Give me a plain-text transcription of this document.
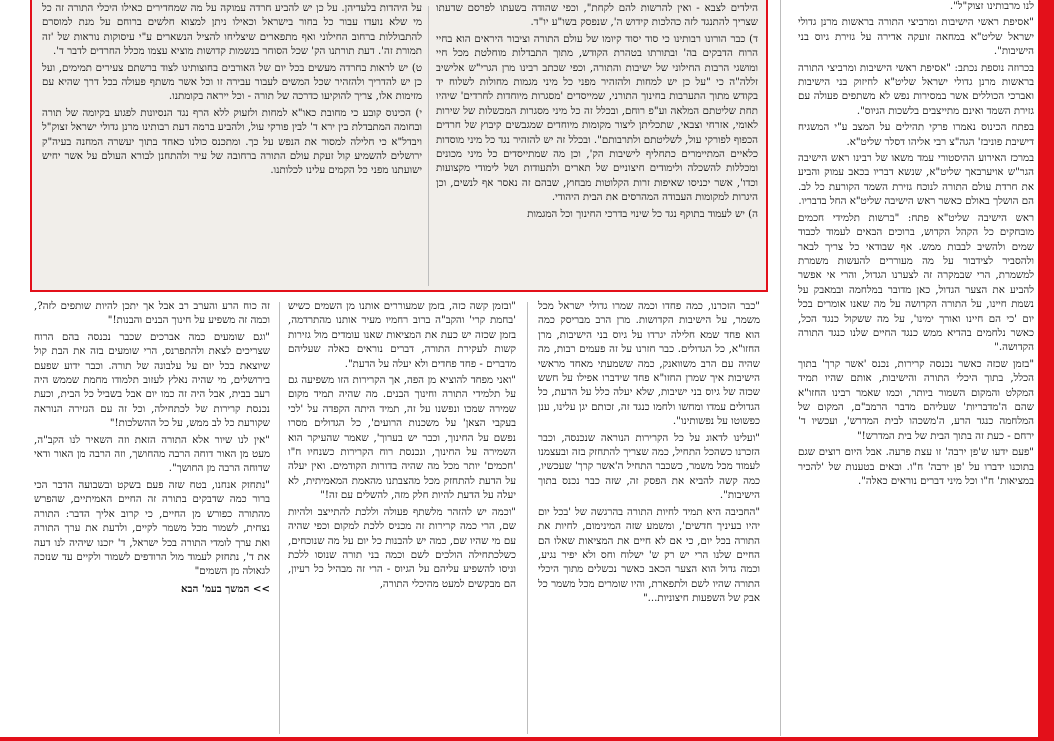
לנו מרבותינו זצוק"ל".

"אסיפת ראשי הישיבות ומרביצי התורה בראשות מרנן גדולי ישראל שליט"א במחאה זועקה אדירה על גזירת גיוס בני הישיבות".

בכרוזה נוספת נכתב: "אסיפת ראשי הישיבות ומרביצי התורה בראשות מרנן גדולי ישראל שליט"א לחיזוק בני הישיבות ואברכי הכוללים אשר במסירות נפש לא משתפים פעולה עם גזירת השמד ואינם מתייצבים בלשכות הגיוס".

בפתח הכינוס נאמרו פרקי תהילים על המצב ע"י המשגיח דישיבת פוניבז' הגה"צ רבי אליהו דסלר שליט"א.

במרכז האירוע ההיסטורי עמד משאו של רבינו ראש הישיבה הגר"ש אויערבאך שליט"א, שנשא דבריו בכאב עמוק והביע את חרדת עולם התורה לנוכח גזירת השמד הקורעת כל לב. הם הושלך באולם כאשר ראש הישיבה שליט"א החל בדבריו.

ראש הישיבה שליט"א פתח: "ברשות תלמידי חכמים מובחקים כל הקהל הקדוש, ברוכים הבאים לעמוד לכבוד שמים ולהשיב לבבות ממש. אף שבודאי כל צריך לבאר ולהסביר לצידבור על מה מעוררים להעשות משמרת למשמרת, הרי שבמקרה זה לצערנו הגדול, והרי אי אפשר להביע את הצער הגדול, כאן מדובר במלחמה ובמאבק על נשמת חיינו, על התורה הקדושה על מה שאנו אומרים בכל יום 'כי הם חיינו ואורך ימינו', על מה ששקול כנגד הכל, כאשר נלחמים בהדיא ממש כנגד החיים שלנו כנגד התורה הקדושה."

"בזמן שכזה כאשר נכנסה קרירות, נכנס 'אשר קרך' בתוך הכלל, בתוך היכלי התורה והישיבות, אותם שהיו תמיד המקלט והמקום השמור ביותר, וכמו שאמר רבינו החזו"א שהם ה'מדבריות' שעליהם מדבר הרמב"ם, המקום של המלחמה כנגד הרע, ה'משכהו לבית המדרש', ועכשיו ד' ירחם - כעת זה בתוך הבית של בית המדרש!"

"פעם ידעו ש'פן ירבה' זו עצת פרעה. אבל היום רוצים שגם בתוכנו ידברו על 'פן ירבה' ח"ו. ובאים בטענות של 'להכיר במציאות' ח"ו וכל מיני דברים נוראים כאלה".

הילדים לצבא - ואין להרשות להם לקחת", וכפי שהודה בשעתו לפרסם שדעתו שצריך להתנגד לזה כהלכות קידוש ה', שנפסק בשו"ע יו"ד.

ד) כבר הורונו רבותינו כי סוד יסוד קיומו של עולם התורה וציבור היראים הוא בחיי הרוח הדבקים בה' ובתורתו בטהרת הקודש, מתוך התבדלות מוחלטת מכל חיי ומושגי הרבות החילוני של ישיבות והתורה, וכפי שכתב רבינו מרן הגרי"ש אלישיב זללה"ה כי "על כן יש למחות ולהזהיר מפני כל מיני מגמות מחולות לשלוח יד בקודש מתוך התערבות בחינוך התורני, שמייסדים 'מסגרות מיוחדות לחרדים' שיהיו תחת שליטתם המלאה וע"פ רוחם, ובכלל זה כל מיני מסגרות המכשלות של שירות לאומי, אזרחי וצבאי, שתכליתן ליצור מקומות מיוחדים שמגבשים קיבוץ של חרדים הכפוף לפורקי עול, לשליטתם ולתרבותם". ובכלל זה יש להזהיר נגד כל מיני מוסדות כלאיים המתיימרים כתחליף לישיבות הק', וכן מה שמתייסדים כל מיני מכונים ומכללות להשכלה ולימודים חיצוניים של תארים ולתעודות ושל לימודי מקצועות וכדו', אשר יכניסו שאיפות זרות הקלוטות מבחוץ, שבהם זה נאסר אף לנשים, וכן היגרות למקומות העבודה המהרסים את הבית היהודי.

ה) יש לעמוד בתוקף נגד כל שינוי בדרכי החינוך וכל המגמות

על היהדות בלעדיהן. על כן יש להביע חרדה עמוקה על מה שמחדירים כאילו היכלי התורה זה כל מי שלא נועדו עבור כל בחור בישראל וכאילו ניתן למצוא חלשים ברוחם על מנת למוסרם להתבוללות ברחוב החילוני ואף מתפארים שיצליחו להציל הנשארים ע"י עיסוקות נוראות של 'זה תמורת זה'. דעת תורתנו הק' שכל הסוחר בנשמות קדושות מוציא עצמו מכלל החרדים לדבר ד'.

ט) יש לראות בחרדה מעשים בכל יום של האורבים בחוצותינו לצוד ברשתם צעירים תמימים, ועל כן יש להדריך ולהזהיר שכל המשים לעבור עבירה זו וכל אשר משתף פעולה בכל דרך שהיא עם מזימות אלו, צריך להוקיעו כדרכה של תורה - וכל ייראה בקומתנו.

י) הכינוס קובע כי מחובת כאו"א למחות ולזעוק ללא הרף נגד הנסיונות לפגוע בקיומה של תורה ובחומה המתבדלת בין ירא ד' לבין פורקי עול, ולהביע ברמה דעת רבותינו מרנן גדולי ישראל זצוק"ל ויבדל"א כי חלילה למסור את הנפש על כך. ומתכנס כולנו כאחד בתוך יעשרה המחנה בעיה"ק ירושלים להשמיע קול זעקת עולם התורה ברחובה של עיר ולהתחנן לבורא העולם על אשר יחיש ישועתנו מפני כל הקמים עלינו לכלותנו.

"כבר הזכרנו, כמה פחדו וכמה שמרו גדולי ישראל מכל משמר, על הישיבות הקדושות. מרן הרב מבריסק כמה הוא פחד שמא חלילה יגרדו על גיוס בני הישיבות, מרן החזו"א, כל הגדולים. כבר חזרנו על זה פעמים רבות, מה שהיה עם הרב משוואנק, כמה ששמעתי מאחד מראשי הישיבות איך שמרן החזו"א פחד שידברו אפילו על חשש שכזה של גיוס בני ישיבות, שלא יעלה כלל על הדעת, כל הגדולים עמדו ומחשו ולחמו כנגד זה, זכותם יגן עלינו, ענן כפשוטו על נפשותינו".

"ועלינו לדאוג על כל הקרירות הנוראה שנכנסה, וכבר הזכרנו כשהכל התחיל, כמה שצריך להתחזק בזה ובעצמנו לעמוד מכל משמר, כשכבר התחיל ה'אשר קרך' שעכשיו, כמה קשה להביא את הפסק זה, שזה כבר נכנס בתוך הישיבות".

"החביבה היא תמיד לחיות התורה בהרגשה של 'בכל יום יהיו בעיניך חדשים', ומשמע שזה המינימום, לחיות את התורה בכל יום, כי אם לא חיים את המציאות שאלו הם החיים שלנו הרי יש רק ש' ישלוח וחס ולא יפיר נגיע, וכמה גדול הוא הצער הכאב כאשר נכשלים מתוך היכלי התורה שהיו לשם ולתפארת, והיו שומרים מכל משמר כל אבק של השפעות חיצוניות..."

"ובזמן קשה כזה, בזמן שמעוררים אותנו מן השמים כשיש 'בחמת קרי' והקב"ה ברוב רחמיו מעיר אותנו מהתרדמה, בזמן שכזה יש כעת את המציאות שאנו עומדים מול גזירות קשות לעקירת התורה, דברים נוראים כאלה שעליהם מדברים - פחד פחדים ולא יעלה על הדעת".

"ואני מפחד להוציא מן הפה, אך הקרירות הזו משפיעה גם על תלמידי התורה וחינוך הבנים. מה שהיה תמיד מקום שמירה שמכו ונפשנו על זה, תמיד היתה הקפדה על 'לכי בעקבי הצאן' על משכנות הרועים', כל הגדולים מסרו נפשם על החינוך, וכבר יש בערוך', שאמר שהעיקר הוא השמירה על החינוך, ונכנסת רוח הקרירות כשנחיו ח"ו 'חכמים' יותר מכל מה שהיה בדורות הקודמים. ואין יעלה על הדעת להתחזק מכל מהצבתנו מהאמת המאמיתית, לא יעלה על הדעת להיות חלק מזה, להשלים עם זה!"

"וכמה יש להזהר מלשתף פעולה וללכת להתייצב ולהיות שם, הרי כמה קרירות זה מכניס ללכת למקום וכפי שהיה עם מי שהיו שם, כמה יש להבנות כל יום על מה שנוכחים, כשלכתחילה הולכים לשם וכמה בני תורה שנוסו ללכת וניסו להשפיע עליהם על הגיוס - הרי זה מבהיל כל רעיון, הם מבקשים למעט מהיכלי התורה,

זה כוח הרע והערב רב אבל אך יתכן להיות שותפים לזה?, וכמה זה משפיע על חינוך הבנים והבנות!"

"וגם שומעים כמה אברכים שכבר נכנסה בהם הרוח שצריכים לצאת ולהתפרנס, הרי שומעים בזה את הבת קול שיוצאת בכל יום על עלבונה של תורה. וכבר ידוע שפעם בירושלים, מי שהיה נאלץ לעזוב תלמודו מחמת שממש היה רעב בבית, אבל היה זה כמו יום אבל בשביל כל הבית, וכעת נכנסת קרירות של לכתחילה, וכל זה עם הגזירה הנוראה שקורעת כל לב ממש, על כל ההשלכות!"

"אין לנו שיור אלא התורה הזאת וזה השאיר לנו הקב"ה, מעט מן האור דוחה הרבה מהחושך, וזה הרבה מן האור ודאי שדוחה הרבה מן החושך".

"נתחזק אנחנו, בטח שזה פעם בשקט ובשבועה הדבר הכי ברור כמה שדבקים בתורה זה החיים האמיתיים, שהפרש מהתורה כפורש מן החיים, כי קרוב אליך הדבר: התורה נצחית, לשמור מכל משמר לקיים, ולדעת את ערך התורה ואת ערך לומדי התורה בכל ישראל, ד' יזכנו שיהיה לנו דעה את ד', נתחזק לעמוד מול הרודפים לשמור ולקיים עד שנזכה לגאולה מן השמים"

>> המשך בעמ' הבא
